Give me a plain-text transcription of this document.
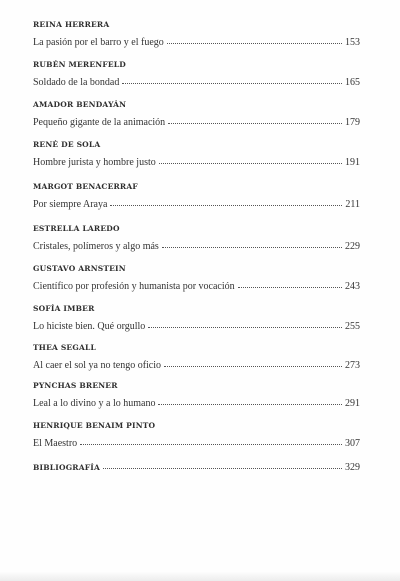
REINA HERRERA
La pasión por el barro y el fuego	153
RUBÉN MERENFELD
Soldado de la bondad	165
AMADOR BENDAYÁN
Pequeño gigante de la animación	179
RENÉ DE SOLA
Hombre jurista y hombre justo	191
MARGOT BENACERRAF
Por siempre Araya	211
ESTRELLA LAREDO
Cristales, polímeros y algo más	229
GUSTAVO ARNSTEIN
Científico por profesión y humanista por vocación	243
SOFÍA IMBER
Lo hiciste bien. Qué orgullo	255
THEA SEGALL
Al caer el sol ya no tengo oficio	273
PYNCHAS BRENER
Leal a lo divino y a lo humano	291
HENRIQUE BENAIM PINTO
El Maestro	307
BIBLIOGRAFÍA	329
